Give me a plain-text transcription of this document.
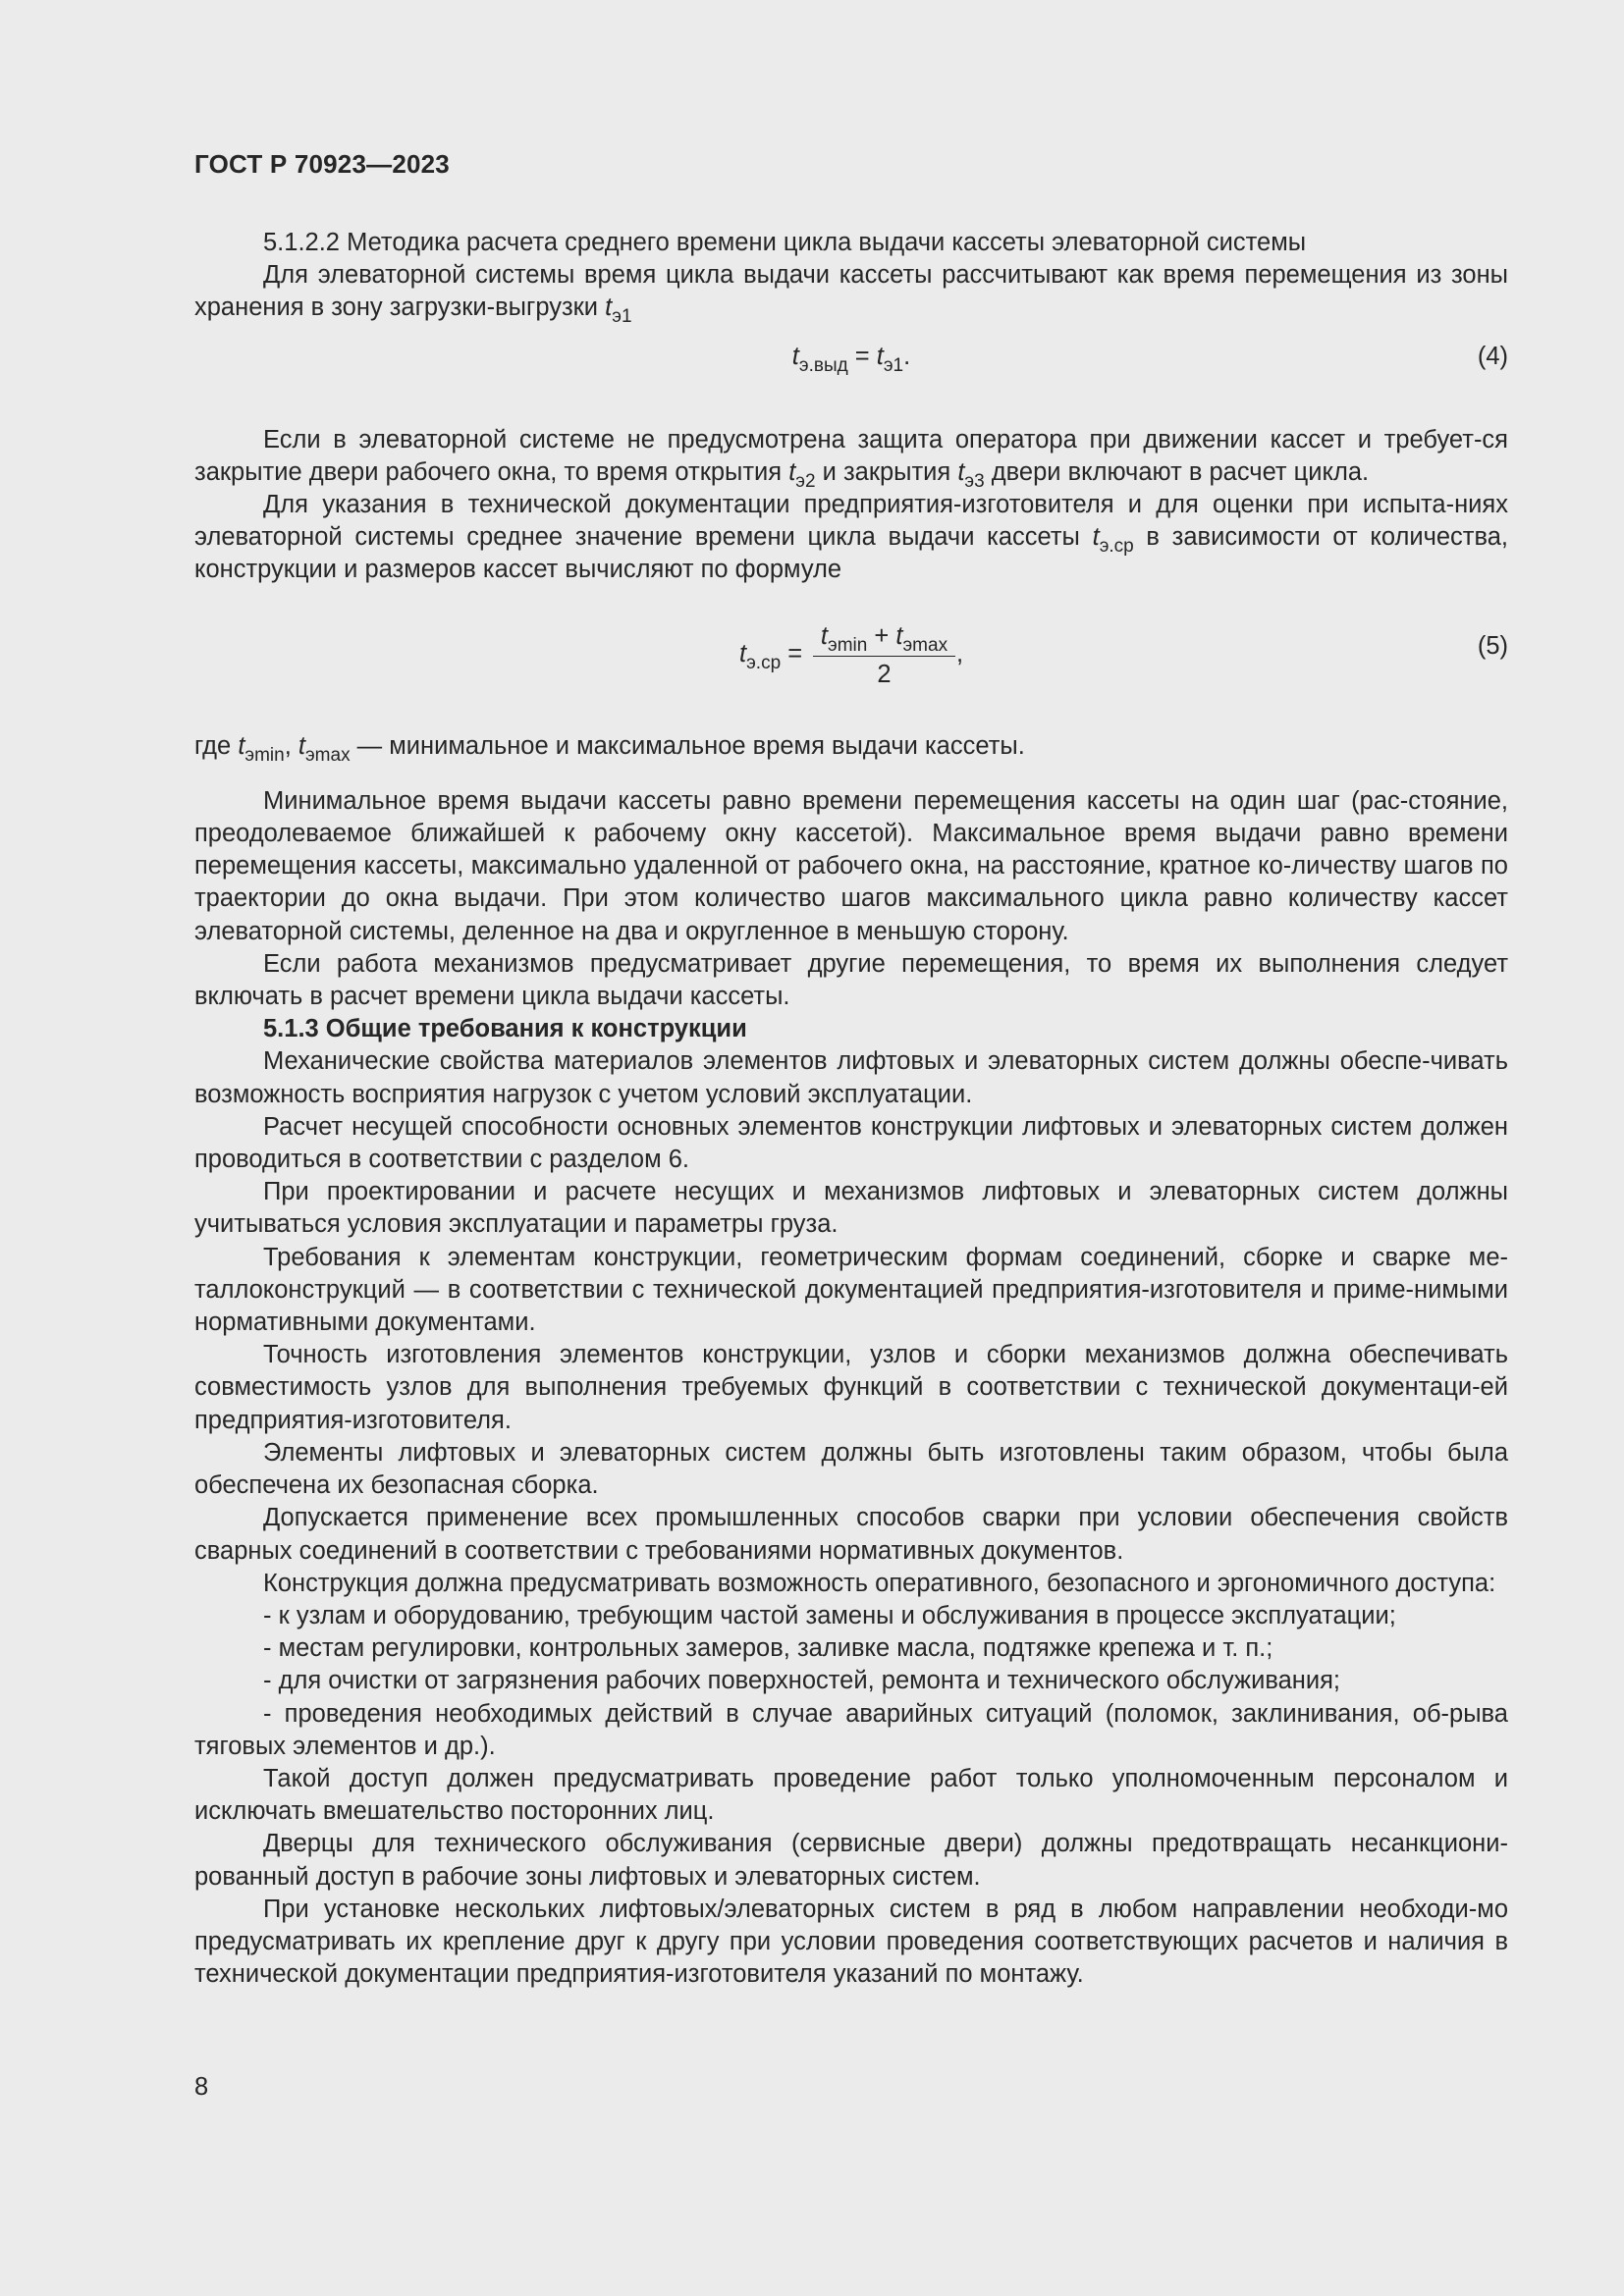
ГОСТ Р 70923—2023

5.1.2.2 Методика расчета среднего времени цикла выдачи кассеты элеваторной системы

Для элеваторной системы время цикла выдачи кассеты рассчитывают как время перемещения из зоны хранения в зону загрузки-выгрузки $t_{э1}$

$t_{э.выд} = t_{э1}$.	(4)

Если в элеваторной системе не предусмотрена защита оператора при движении кассет и требует-ся закрытие двери рабочего окна, то время открытия $t_{э2}$ и закрытия $t_{э3}$ двери включают в расчет цикла.

Для указания в технической документации предприятия-изготовителя и для оценки при испыта-ниях элеваторной системы среднее значение времени цикла выдачи кассеты $t_{э.ср}$ в зависимости от количества, конструкции и размеров кассет вычисляют по формуле

$t_{э.ср}$ =
$t_{эmin} + t_{эmax}$
2
,	(5)

где $t_{эmin}$, $t_{эmax}$ — минимальное и максимальное время выдачи кассеты.

Минимальное время выдачи кассеты равно времени перемещения кассеты на один шаг (рас-стояние, преодолеваемое ближайшей к рабочему окну кассетой). Максимальное время выдачи равно времени перемещения кассеты, максимально удаленной от рабочего окна, на расстояние, кратное ко-личеству шагов по траектории до окна выдачи. При этом количество шагов максимального цикла равно количеству кассет элеваторной системы, деленное на два и округленное в меньшую сторону.

Если работа механизмов предусматривает другие перемещения, то время их выполнения следует включать в расчет времени цикла выдачи кассеты.

5.1.3 Общие требования к конструкции

Механические свойства материалов элементов лифтовых и элеваторных систем должны обеспе-чивать возможность восприятия нагрузок с учетом условий эксплуатации.

Расчет несущей способности основных элементов конструкции лифтовых и элеваторных систем должен проводиться в соответствии с разделом 6.

При проектировании и расчете несущих и механизмов лифтовых и элеваторных систем должны учитываться условия эксплуатации и параметры груза.

Требования к элементам конструкции, геометрическим формам соединений, сборке и сварке ме-таллоконструкций — в соответствии с технической документацией предприятия-изготовителя и приме-нимыми нормативными документами.

Точность изготовления элементов конструкции, узлов и сборки механизмов должна обеспечивать совместимость узлов для выполнения требуемых функций в соответствии с технической документаци-ей предприятия-изготовителя.

Элементы лифтовых и элеваторных систем должны быть изготовлены таким образом, чтобы была обеспечена их безопасная сборка.

Допускается применение всех промышленных способов сварки при условии обеспечения свойств сварных соединений в соответствии с требованиями нормативных документов.

Конструкция должна предусматривать возможность оперативного, безопасного и эргономичного доступа:

- к узлам и оборудованию, требующим частой замены и обслуживания в процессе эксплуатации;

- местам регулировки, контрольных замеров, заливке масла, подтяжке крепежа и т. п.;

- для очистки от загрязнения рабочих поверхностей, ремонта и технического обслуживания;

- проведения необходимых действий в случае аварийных ситуаций (поломок, заклинивания, об-рыва тяговых элементов и др.).

Такой доступ должен предусматривать проведение работ только уполномоченным персоналом и исключать вмешательство посторонних лиц.

Дверцы для технического обслуживания (сервисные двери) должны предотвращать несанкциони-рованный доступ в рабочие зоны лифтовых и элеваторных систем.

При установке нескольких лифтовых/элеваторных систем в ряд в любом направлении необходи-мо предусматривать их крепление друг к другу при условии проведения соответствующих расчетов и наличия в технической документации предприятия-изготовителя указаний по монтажу.

8
